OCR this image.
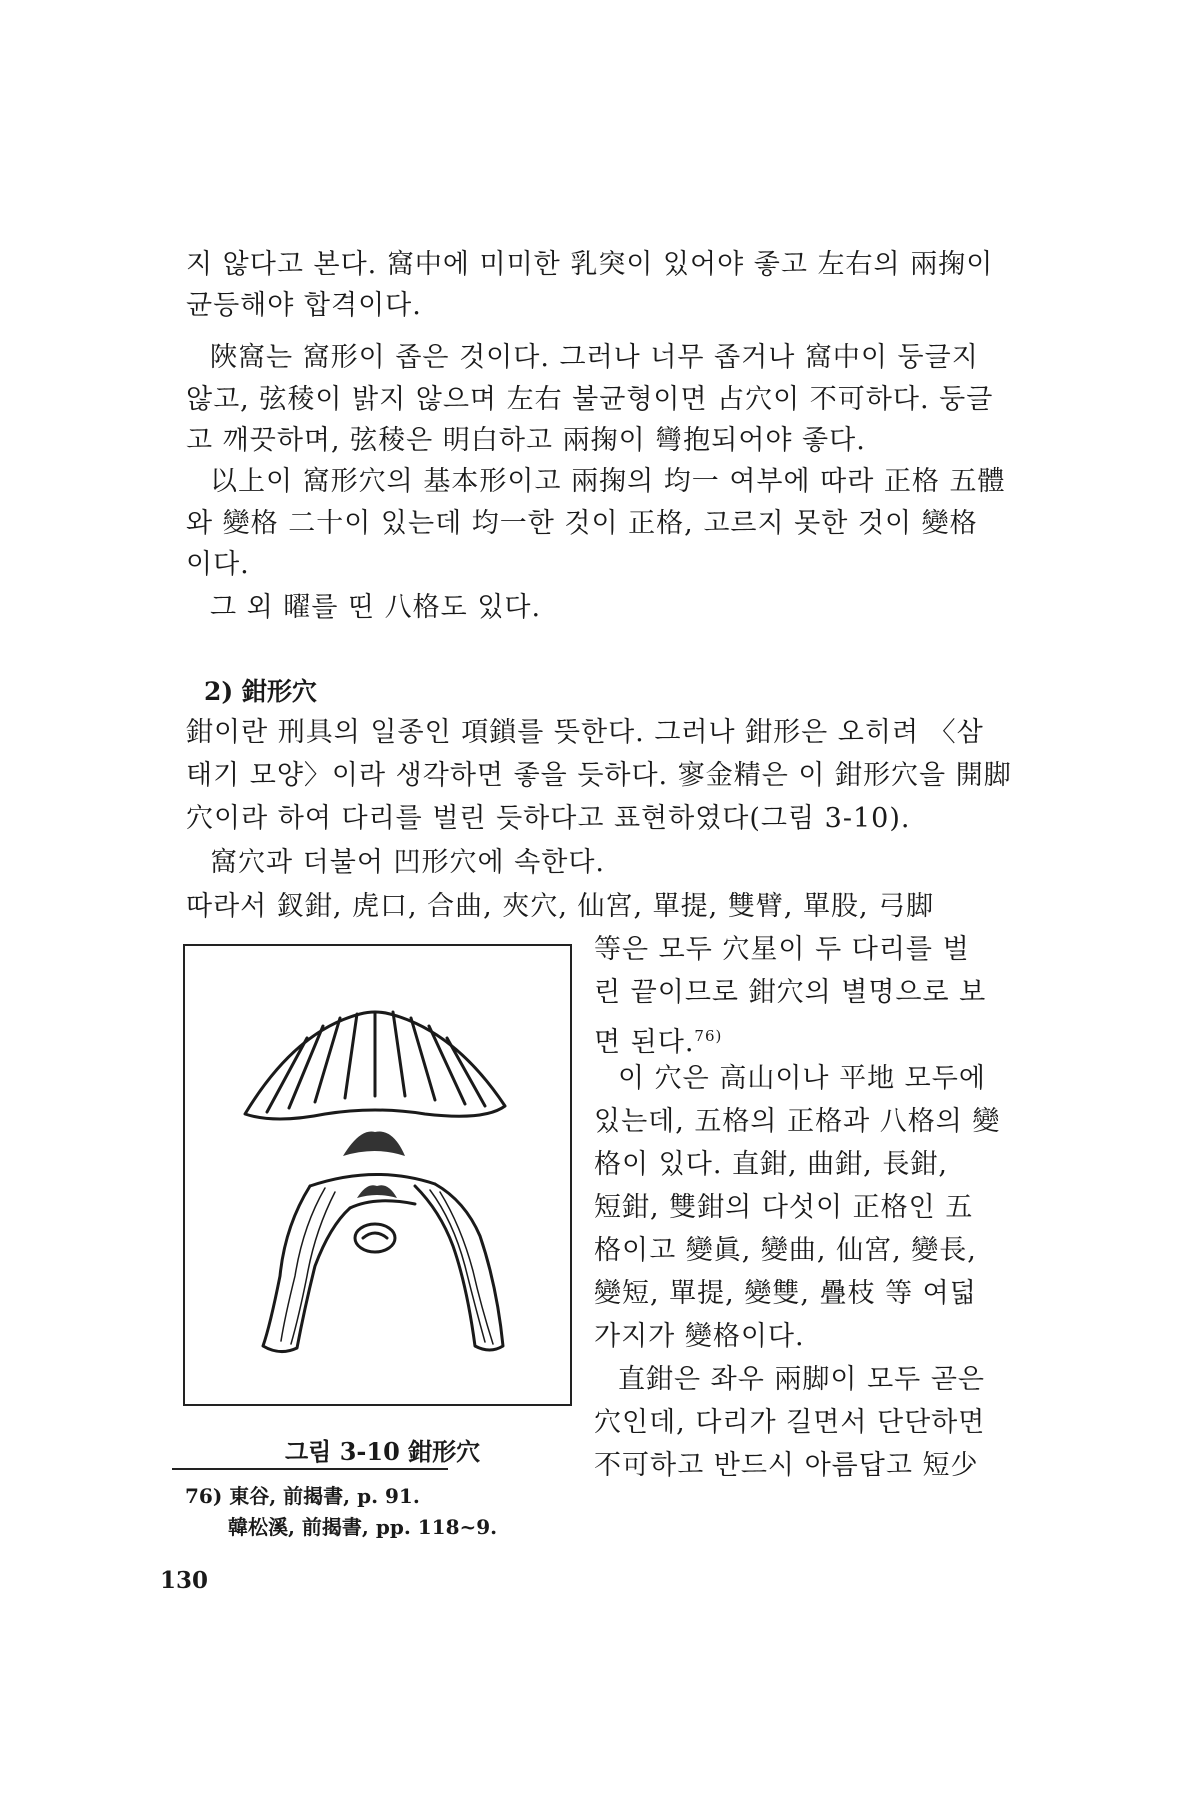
지 않다고 본다. 窩中에 미미한 乳突이 있어야 좋고 左右의 兩掬이
균등해야 합격이다.
陜窩는 窩形이 좁은 것이다. 그러나 너무 좁거나 窩中이 둥글지
않고, 弦稜이 밝지 않으며 左右 불균형이면 占穴이 不可하다. 둥글
고 깨끗하며, 弦稜은 明白하고 兩掬이 彎抱되어야 좋다.
以上이 窩形穴의 基本形이고 兩掬의 均一 여부에 따라 正格 五體
와 變格 二十이 있는데 均一한 것이 正格, 고르지 못한 것이 變格
이다.
그 외 曜를 띤 八格도 있다.
2) 鉗形穴
鉗이란 刑具의 일종인 項鎖를 뜻한다. 그러나 鉗形은 오히려 〈삼
태기 모양〉이라 생각하면 좋을 듯하다. 寥金精은 이 鉗形穴을 開脚
穴이라 하여 다리를 벌린 듯하다고 표현하였다(그림 3-10).
窩穴과 더불어 凹形穴에 속한다.
따라서 釵鉗, 虎口, 合曲, 夾穴, 仙宮, 單提, 雙臂, 單股, 弓脚
等은 모두 穴星이 두 다리를 벌
린 끝이므로 鉗穴의 별명으로 보
면 된다.$^{76)}$
이 穴은 高山이나 平地 모두에
있는데, 五格의 正格과 八格의 變
格이 있다. 直鉗, 曲鉗, 長鉗,
短鉗, 雙鉗의 다섯이 正格인 五
格이고 變眞, 變曲, 仙宮, 變長,
變短, 單提, 變雙, 疊枝 等 여덟
가지가 變格이다.
直鉗은 좌우 兩脚이 모두 곧은
穴인데, 다리가 길면서 단단하면
不可하고 반드시 아름답고 短少
그림 3-10 鉗形穴
76) 東谷, 前揭書, p. 91.
韓松溪, 前揭書, pp. 118~9.
130
